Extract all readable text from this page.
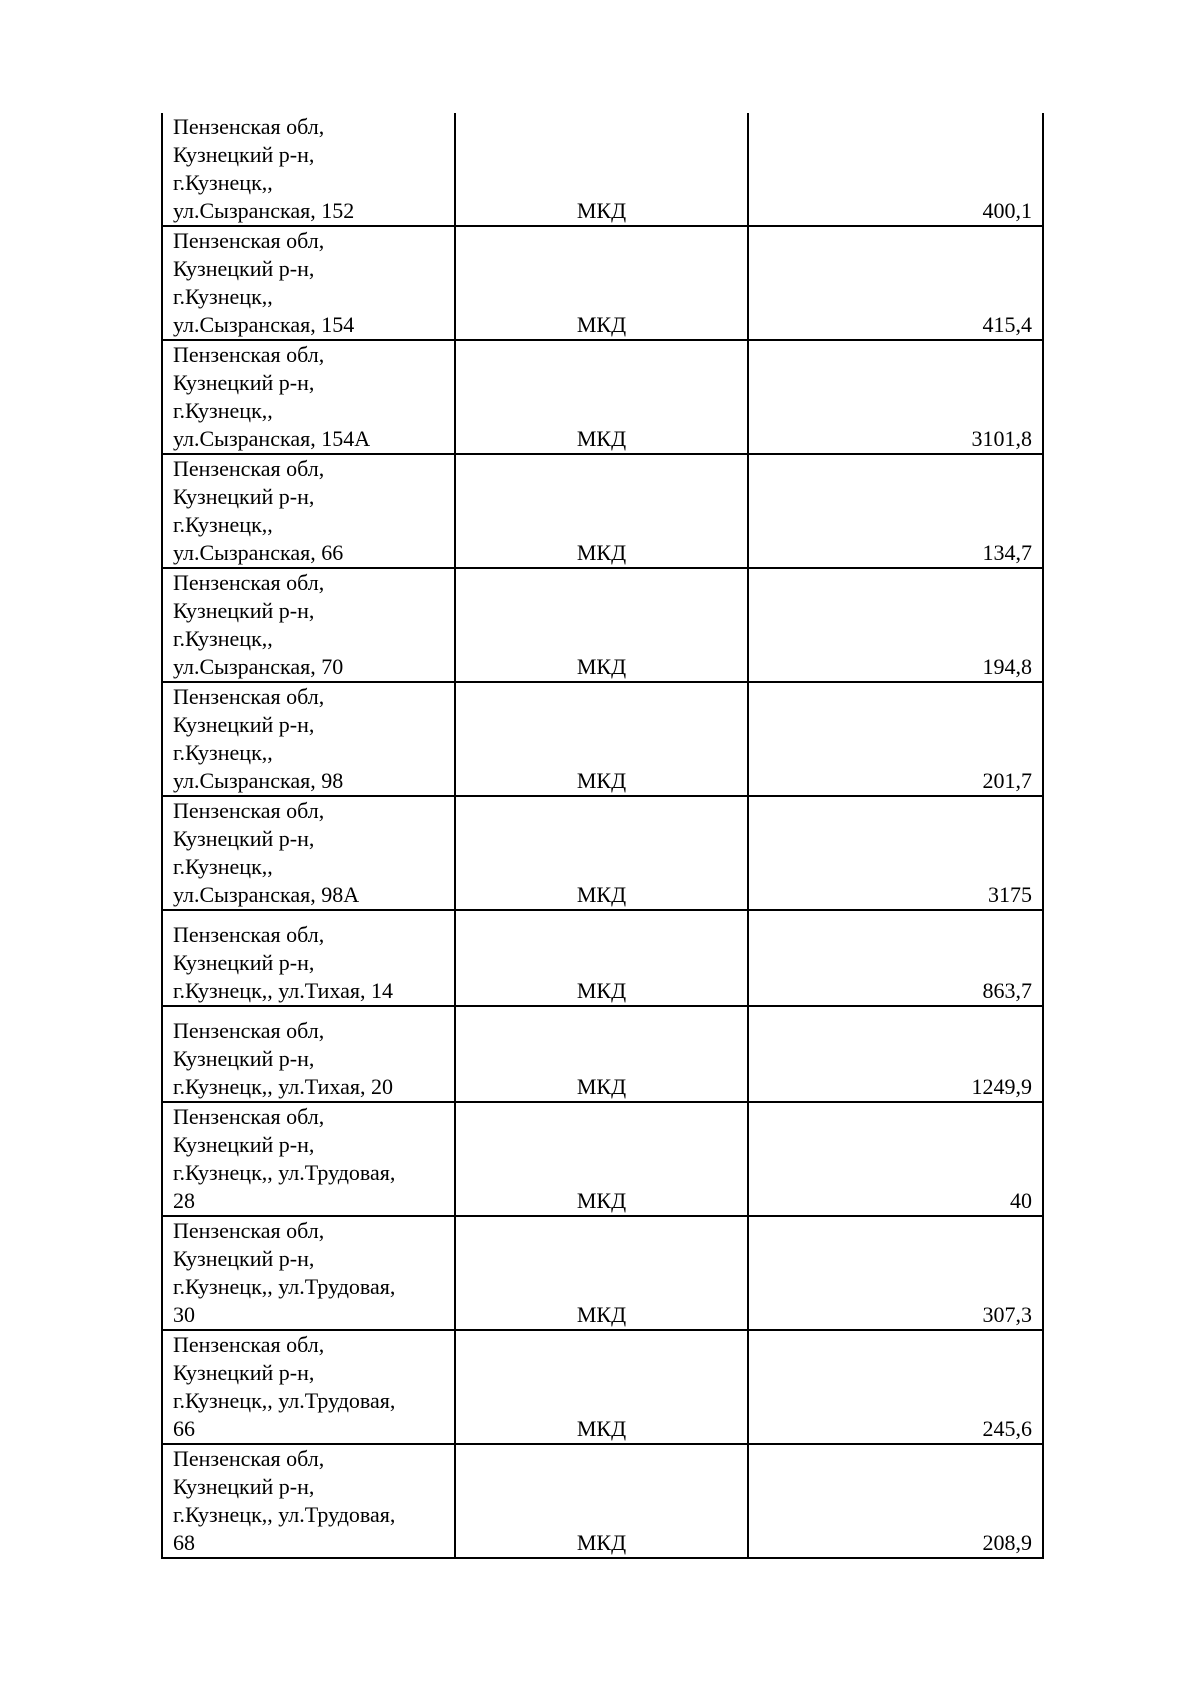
Пензенская обл,
Кузнецкий р-н,
г.Кузнецк,,
ул.Сызранская, 152	МКД	400,1
Пензенская обл,
Кузнецкий р-н,
г.Кузнецк,,
ул.Сызранская, 154	МКД	415,4
Пензенская обл,
Кузнецкий р-н,
г.Кузнецк,,
ул.Сызранская, 154А	МКД	3101,8
Пензенская обл,
Кузнецкий р-н,
г.Кузнецк,,
ул.Сызранская, 66	МКД	134,7
Пензенская обл,
Кузнецкий р-н,
г.Кузнецк,,
ул.Сызранская, 70	МКД	194,8
Пензенская обл,
Кузнецкий р-н,
г.Кузнецк,,
ул.Сызранская, 98	МКД	201,7
Пензенская обл,
Кузнецкий р-н,
г.Кузнецк,,
ул.Сызранская, 98А	МКД	3175
Пензенская обл,
Кузнецкий р-н,
г.Кузнецк,, ул.Тихая, 14	МКД	863,7
Пензенская обл,
Кузнецкий р-н,
г.Кузнецк,, ул.Тихая, 20	МКД	1249,9
Пензенская обл,
Кузнецкий р-н,
г.Кузнецк,, ул.Трудовая,
28	МКД	40
Пензенская обл,
Кузнецкий р-н,
г.Кузнецк,, ул.Трудовая,
30	МКД	307,3
Пензенская обл,
Кузнецкий р-н,
г.Кузнецк,, ул.Трудовая,
66	МКД	245,6
Пензенская обл,
Кузнецкий р-н,
г.Кузнецк,, ул.Трудовая,
68	МКД	208,9
